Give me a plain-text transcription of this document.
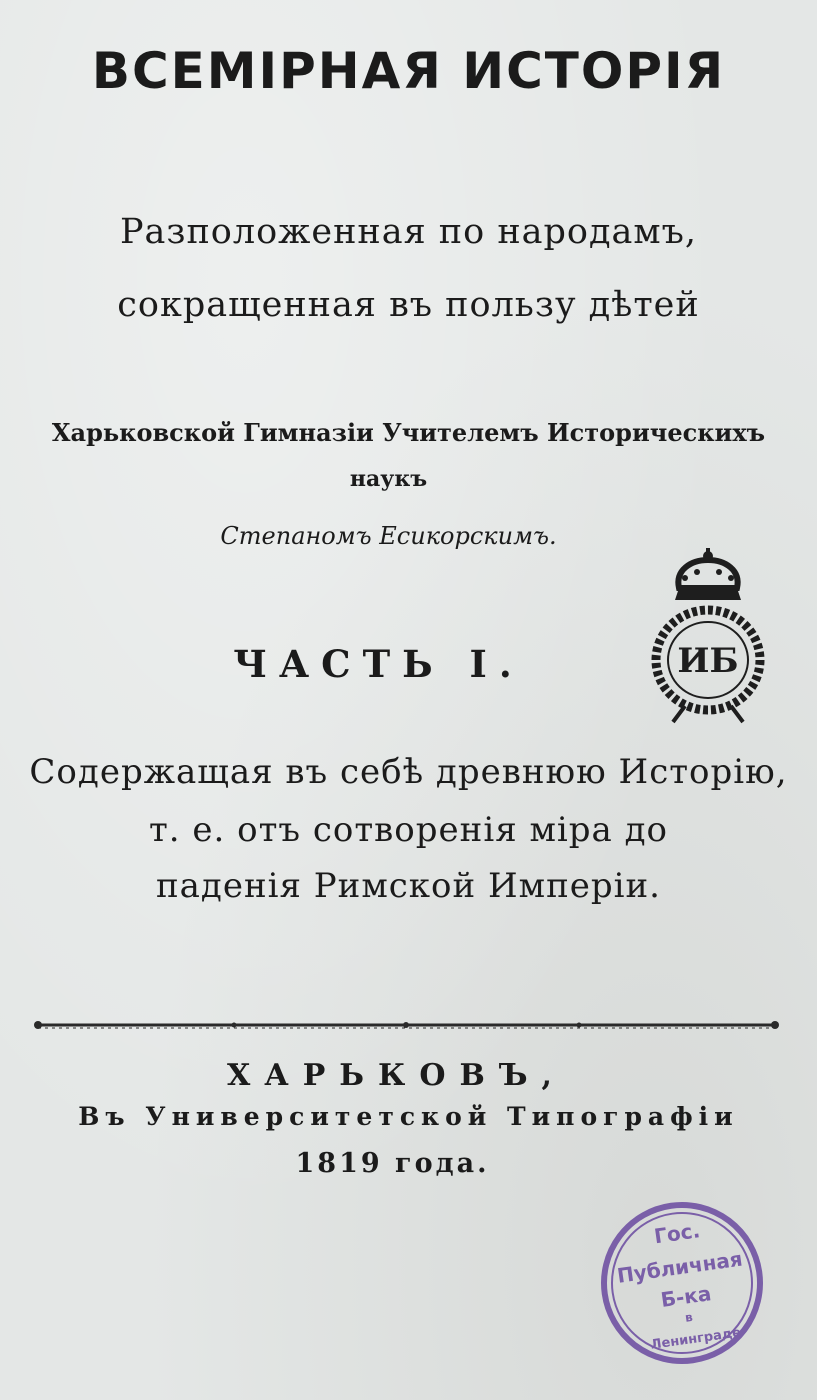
ВСЕМІРНАЯ ИСТОРІЯ
Разположенная по народамъ,
сокращенная въ пользу дѣтей
Харьковской Гимназіи Учителемъ Историческихъ
наукъ
Степаномъ Есикорскимъ.
ИБ
ЧАСТЬ I.
Содержащая въ себѣ древнюю Исторію,
т. е. отъ сотворенія міра до
паденія Римской Имперіи.
ХАРЬКОВЪ,
Въ Университетской Типографіи
1819 года.
Гос.
Публичная
Б-ка
в
Ленинграде
